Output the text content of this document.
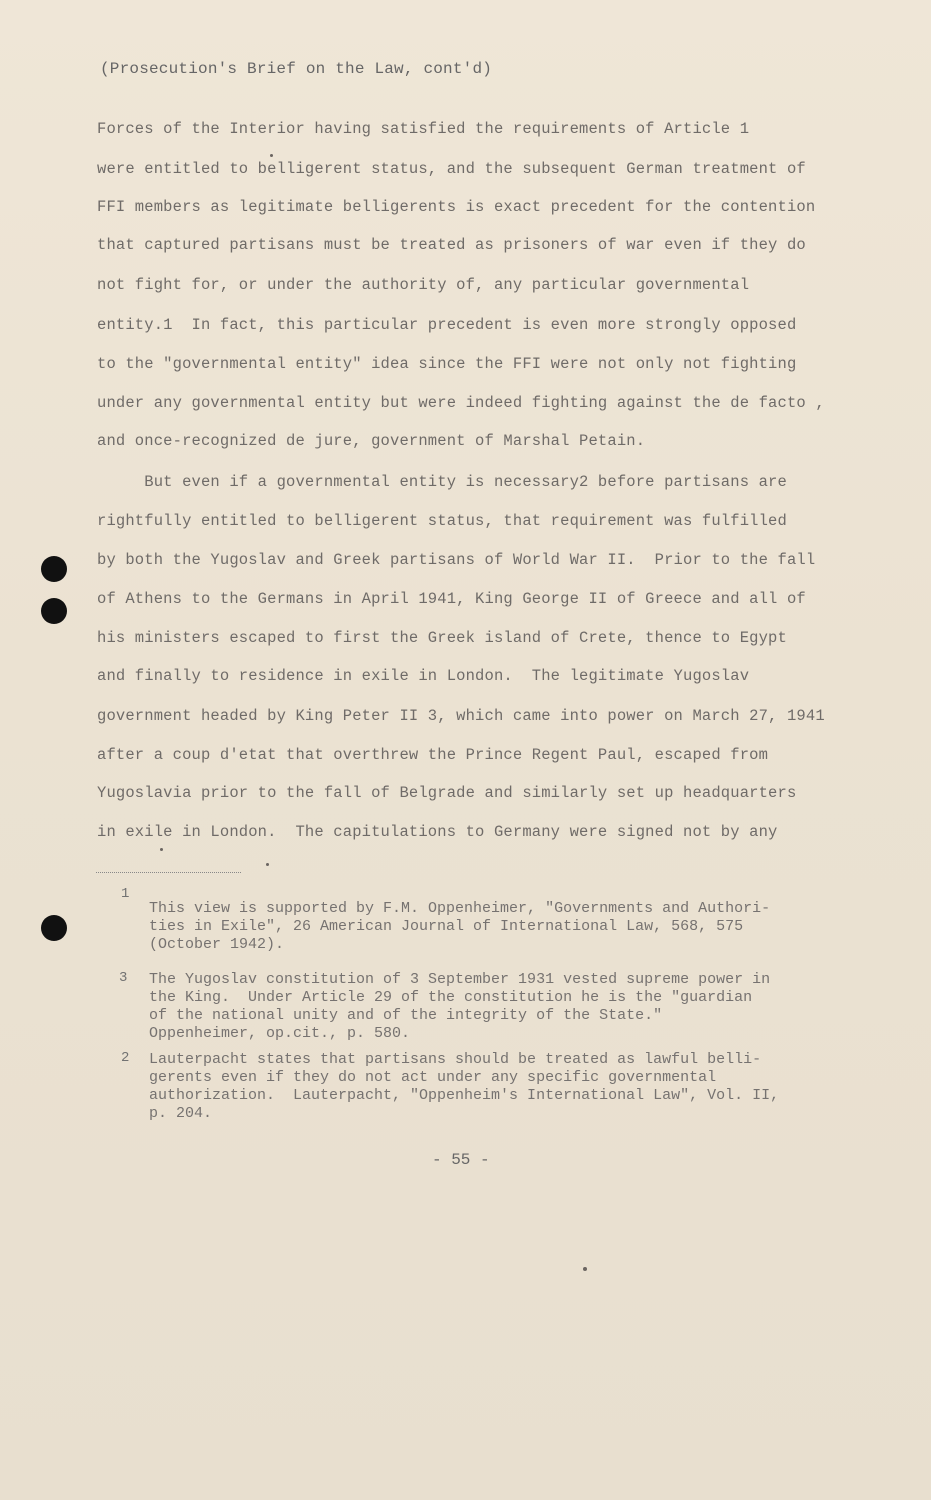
(Prosecution's Brief on the Law, cont'd)
Forces of the Interior having satisfied the requirements of Article 1
were entitled to belligerent status, and the subsequent German treatment of
FFI members as legitimate belligerents is exact precedent for the contention
that captured partisans must be treated as prisoners of war even if they do
not fight for, or under the authority of, any particular governmental
entity.1  In fact, this particular precedent is even more strongly opposed
to the "governmental entity" idea since the FFI were not only not fighting
under any governmental entity but were indeed fighting against the de facto ,
and once-recognized de jure, government of Marshal Petain.
But even if a governmental entity is necessary2 before partisans are
rightfully entitled to belligerent status, that requirement was fulfilled
by both the Yugoslav and Greek partisans of World War II.  Prior to the fall
of Athens to the Germans in April 1941, King George II of Greece and all of
his ministers escaped to first the Greek island of Crete, thence to Egypt
and finally to residence in exile in London.  The legitimate Yugoslav
government headed by King Peter II 3, which came into power on March 27, 1941
after a coup d'etat that overthrew the Prince Regent Paul, escaped from
Yugoslavia prior to the fall of Belgrade and similarly set up headquarters
in exile in London.  The capitulations to Germany were signed not by any
1
This view is supported by F.M. Oppenheimer, "Governments and Authori-
ties in Exile", 26 American Journal of International Law, 568, 575
(October 1942).
3 The Yugoslav constitution of 3 September 1931 vested supreme power in
the King.  Under Article 29 of the constitution he is the "guardian
of the national unity and of the integrity of the State."
Oppenheimer, op.cit., p. 580.
2 Lauterpacht states that partisans should be treated as lawful belli-
gerents even if they do not act under any specific governmental
authorization.  Lauterpacht, "Oppenheim's International Law", Vol. II,
p. 204.
- 55 -
